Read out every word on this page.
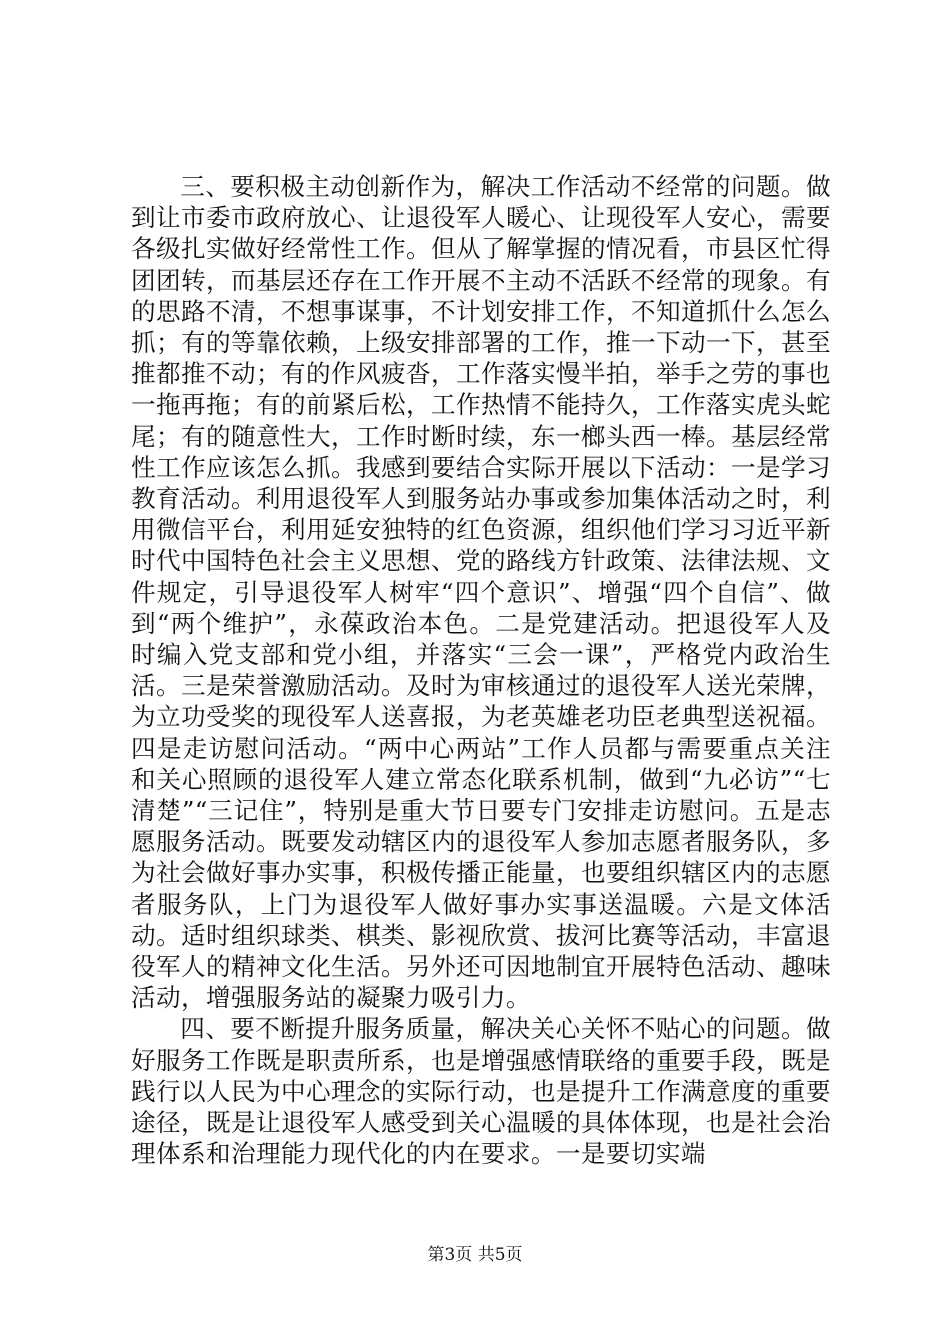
三、要积极主动创新作为，解决工作活动不经常的问题。做到让市委市政府放心、让退役军人暖心、让现役军人安心，需要各级扎实做好经常性工作。但从了解掌握的情况看，市县区忙得团团转，而基层还存在工作开展不主动不活跃不经常的现象。有的思路不清，不想事谋事，不计划安排工作，不知道抓什么怎么抓；有的等靠依赖，上级安排部署的工作，推一下动一下，甚至推都推不动；有的作风疲沓，工作落实慢半拍，举手之劳的事也一拖再拖；有的前紧后松，工作热情不能持久，工作落实虎头蛇尾；有的随意性大，工作时断时续，东一榔头西一棒。基层经常性工作应该怎么抓。我感到要结合实际开展以下活动：一是学习教育活动。利用退役军人到服务站办事或参加集体活动之时，利用微信平台，利用延安独特的红色资源，组织他们学习习近平新时代中国特色社会主义思想、党的路线方针政策、法律法规、文件规定，引导退役军人树牢“四个意识”、增强“四个自信”、做到“两个维护”，永葆政治本色。二是党建活动。把退役军人及时编入党支部和党小组，并落实“三会一课”，严格党内政治生活。三是荣誉激励活动。及时为审核通过的退役军人送光荣牌，为立功受奖的现役军人送喜报，为老英雄老功臣老典型送祝福。四是走访慰问活动。“两中心两站”工作人员都与需要重点关注和关心照顾的退役军人建立常态化联系机制，做到“九必访”“七清楚”“三记住”，特别是重大节日要专门安排走访慰问。五是志愿服务活动。既要发动辖区内的退役军人参加志愿者服务队，多为社会做好事办实事，积极传播正能量，也要组织辖区内的志愿者服务队，上门为退役军人做好事办实事送温暖。六是文体活动。适时组织球类、棋类、影视欣赏、拔河比赛等活动，丰富退役军人的精神文化生活。另外还可因地制宜开展特色活动、趣味活动，增强服务站的凝聚力吸引力。

四、要不断提升服务质量，解决关心关怀不贴心的问题。做好服务工作既是职责所系，也是增强感情联络的重要手段，既是践行以人民为中心理念的实际行动，也是提升工作满意度的重要途径，既是让退役军人感受到关心温暖的具体体现，也是社会治理体系和治理能力现代化的内在要求。一是要切实端

第3页 共5页
